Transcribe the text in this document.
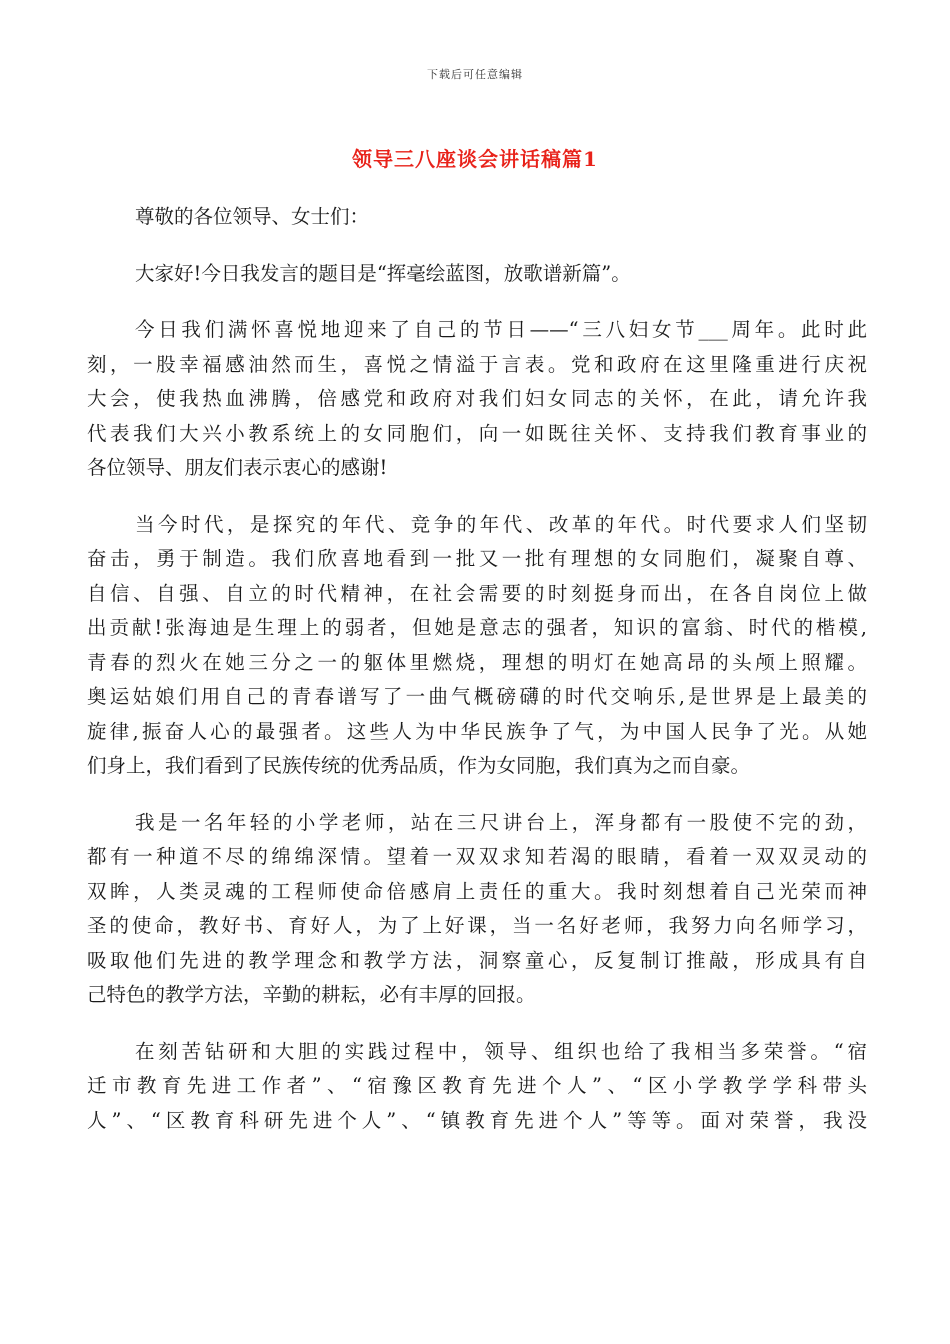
下载后可任意编辑
领导三八座谈会讲话稿篇1

尊敬的各位领导、女士们：

大家好!今日我发言的题目是“挥毫绘蓝图，放歌谱新篇”。

今日我们满怀喜悦地迎来了自己的节日——“三八妇女节___周年。此时此
刻，一股幸福感油然而生，喜悦之情溢于言表。党和政府在这里隆重进行庆祝
大会，使我热血沸腾，倍感党和政府对我们妇女同志的关怀，在此，请允许我
代表我们大兴小教系统上的女同胞们，向一如既往关怀、支持我们教育事业的
各位领导、朋友们表示衷心的感谢!

当今时代，是探究的年代、竞争的年代、改革的年代。时代要求人们坚韧
奋击，勇于制造。我们欣喜地看到一批又一批有理想的女同胞们，凝聚自尊、
自信、自强、自立的时代精神，在社会需要的时刻挺身而出，在各自岗位上做
出贡献!张海迪是生理上的弱者，但她是意志的强者，知识的富翁、时代的楷模,
青春的烈火在她三分之一的躯体里燃烧，理想的明灯在她高昂的头颅上照耀。
奥运姑娘们用自己的青春谱写了一曲气概磅礴的时代交响乐,是世界是上最美的
旋律,振奋人心的最强者。这些人为中华民族争了气，为中国人民争了光。从她
们身上，我们看到了民族传统的优秀品质，作为女同胞，我们真为之而自豪。

我是一名年轻的小学老师，站在三尺讲台上，浑身都有一股使不完的劲，
都有一种道不尽的绵绵深情。望着一双双求知若渴的眼睛，看着一双双灵动的
双眸，人类灵魂的工程师使命倍感肩上责任的重大。我时刻想着自己光荣而神
圣的使命，教好书、育好人，为了上好课，当一名好老师，我努力向名师学习，
吸取他们先进的教学理念和教学方法，洞察童心，反复制订推敲，形成具有自
己特色的教学方法，辛勤的耕耘，必有丰厚的回报。

在刻苦钻研和大胆的实践过程中，领导、组织也给了我相当多荣誉。“宿
迁市教育先进工作者”、“宿豫区教育先进个人”、“区小学教学学科带头
人”、“区教育科研先进个人”、“镇教育先进个人”等等。面对荣誉，我没
